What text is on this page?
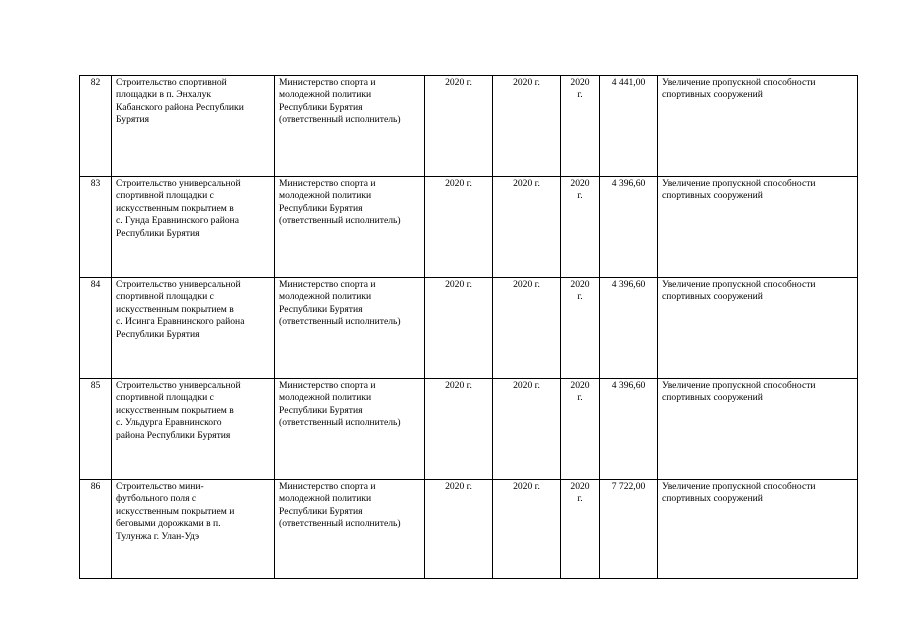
82	Строительство спортивной
площадки в п. Энхалук
Кабанского района Республики
Бурятия	Министерство спорта и
молодежной политики
Республики Бурятия
(ответственный исполнитель)	2020 г.	2020 г.	2020
г.	4 441,00	Увеличение пропускной способности
спортивных сооружений

83	Строительство универсальной
спортивной площадки с
искусственным покрытием в
с. Гунда Еравнинского района
Республики Бурятия	Министерство спорта и
молодежной политики
Республики Бурятия
(ответственный исполнитель)	2020 г.	2020 г.	2020
г.	4 396,60	Увеличение пропускной способности
спортивных сооружений

84	Строительство универсальной
спортивной площадки с
искусственным покрытием в
с. Исинга Еравнинского района
Республики Бурятия	Министерство спорта и
молодежной политики
Республики Бурятия
(ответственный исполнитель)	2020 г.	2020 г.	2020
г.	4 396,60	Увеличение пропускной способности
спортивных сооружений

85	Строительство универсальной
спортивной площадки с
искусственным покрытием в
с. Ульдурга Еравнинского
района Республики Бурятия	Министерство спорта и
молодежной политики
Республики Бурятия
(ответственный исполнитель)	2020 г.	2020 г.	2020
г.	4 396,60	Увеличение пропускной способности
спортивных сооружений

86	Строительство мини-
футбольного поля с
искусственным покрытием и
беговыми дорожками в п.
Тулунжа г. Улан-Удэ	Министерство спорта и
молодежной политики
Республики Бурятия
(ответственный исполнитель)	2020 г.	2020 г.	2020
г.	7 722,00	Увеличение пропускной способности
спортивных сооружений
